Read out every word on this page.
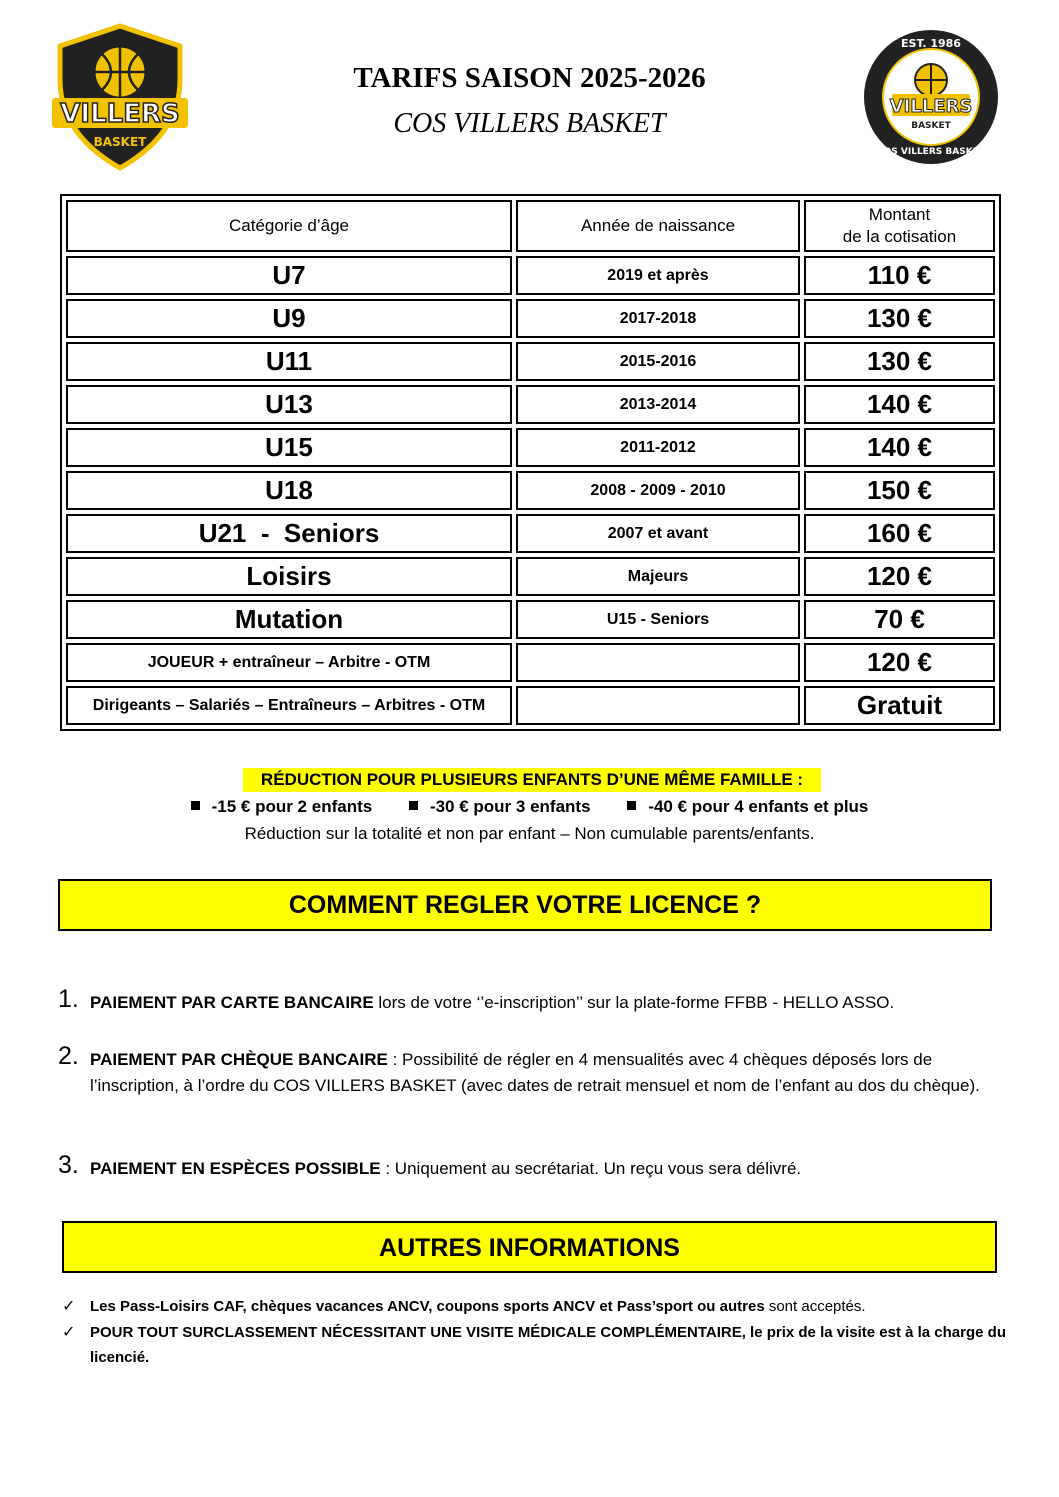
VILLERS
BASKET
EST. 1986
VILLERS
BASKET
COS VILLERS BASKET
TARIFS SAISON 2025-2026
COS VILLERS BASKET
Catégorie d’âge	Année de naissance	Montant
de la cotisation
U7	2019 et après	110 €
U9	2017-2018	130 €
U11	2015-2016	130 €
U13	2013-2014	140 €
U15	2011-2012	140 €
U18	2008 - 2009 - 2010	150 €
U21  -  Seniors	2007 et avant	160 €
Loisirs	Majeurs	120 €
Mutation	U15 - Seniors	70 €
JOUEUR + entraîneur – Arbitre - OTM		120 €
Dirigeants – Salariés – Entraîneurs – Arbitres - OTM		Gratuit
RÉDUCTION POUR PLUSIEURS ENFANTS D’UNE MÊME FAMILLE :
-15 € pour 2 enfants	-30 € pour 3 enfants	-40 € pour 4 enfants et plus
Réduction sur la totalité et non par enfant – Non cumulable parents/enfants.
COMMENT REGLER VOTRE LICENCE ?
1. PAIEMENT PAR CARTE BANCAIRE lors de votre ‘’e-inscription’’ sur la plate-forme FFBB - HELLO ASSO.
2. PAIEMENT PAR CHÈQUE BANCAIRE : Possibilité de régler en 4 mensualités avec 4 chèques déposés lors de l’inscription, à l’ordre du COS VILLERS BASKET (avec dates de retrait mensuel et nom de l’enfant au dos du chèque).
3. PAIEMENT EN ESPÈCES POSSIBLE : Uniquement au secrétariat. Un reçu vous sera délivré.
AUTRES INFORMATIONS
✓ Les Pass-Loisirs CAF, chèques vacances ANCV, coupons sports ANCV et Pass’sport ou autres sont acceptés.
✓ POUR TOUT SURCLASSEMENT NÉCESSITANT UNE VISITE MÉDICALE COMPLÉMENTAIRE, le prix de la visite est à la charge du licencié.
